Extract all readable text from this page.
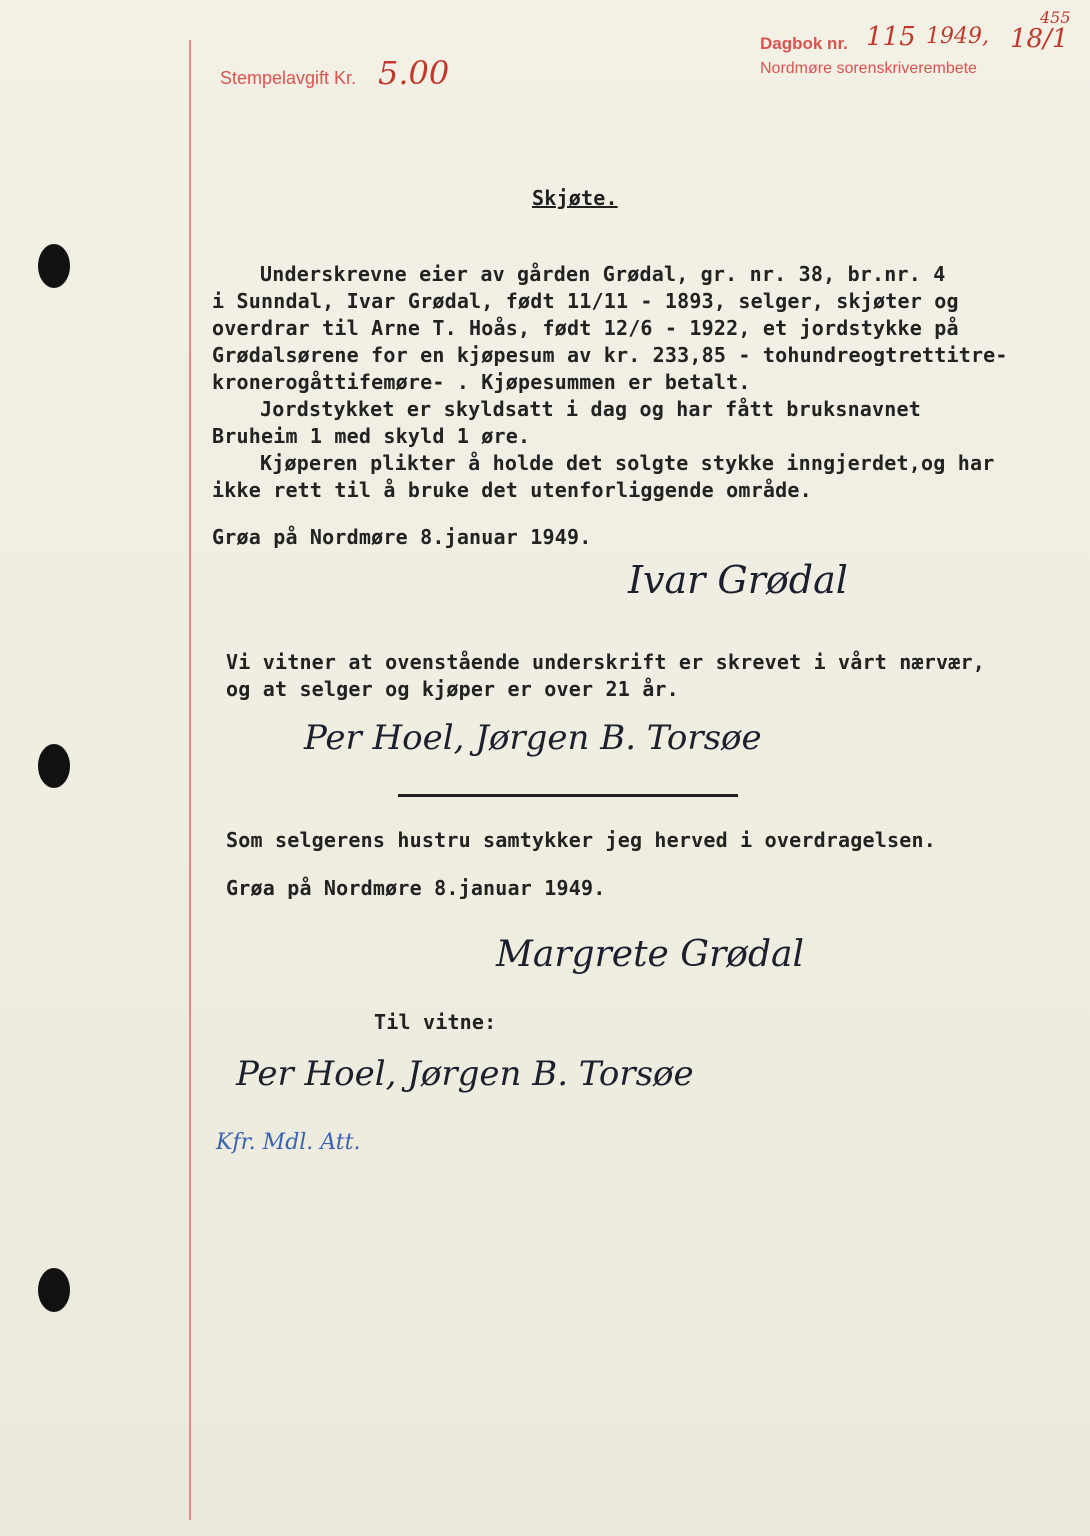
Stempelavgift Kr. 5.00
Dagbok nr. 115 1949, 18/1
455
Nordmøre sorenskriverembete
Skjøte.
Underskrevne eier av gården Grødal, gr. nr. 38, br.nr. 4
i Sunndal, Ivar Grødal, født 11/11 - 1893, selger, skjøter og
overdrar til Arne T. Hoås, født 12/6 - 1922, et jordstykke på
Grødalsørene for en kjøpesum av kr. 233,85 - tohundreogtrettitre-
kronerogåttifemøre- . Kjøpesummen er betalt.
Jordstykket er skyldsatt i dag og har fått bruksnavnet
Bruheim 1 med skyld 1 øre.
Kjøperen plikter å holde det solgte stykke inngjerdet,og har
ikke rett til å bruke det utenforliggende område.
Grøa på Nordmøre 8.januar 1949.
Ivar Grødal
Vi vitner at ovenstående underskrift er skrevet i vårt nærvær,
og at selger og kjøper er over 21 år.
Per Hoel, Jørgen B. Torsøe
Som selgerens hustru samtykker jeg herved i overdragelsen.
Grøa på Nordmøre 8.januar 1949.
Margrete Grødal
Til vitne:
Per Hoel, Jørgen B. Torsøe
Kfr. Mdl. Att.
